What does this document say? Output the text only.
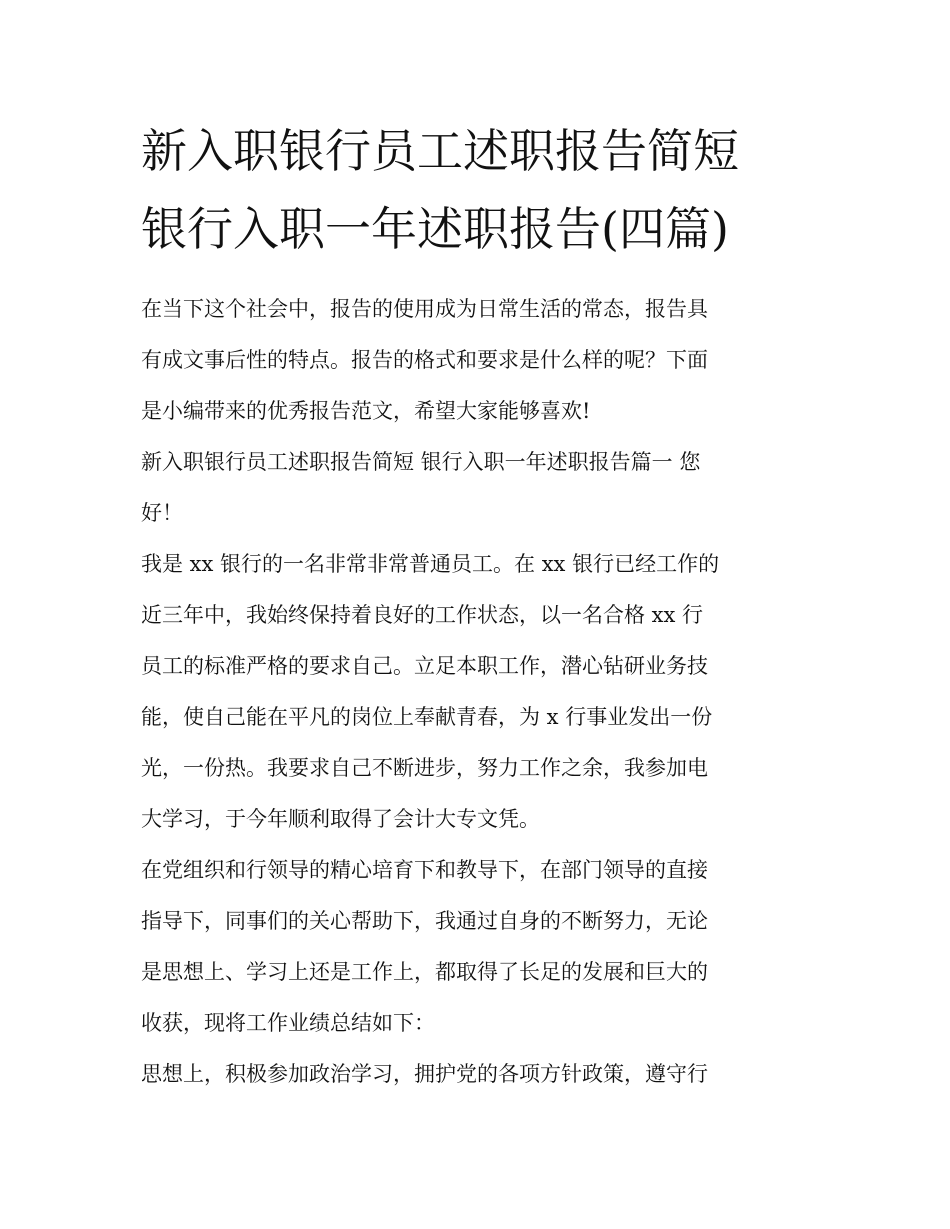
新入职银行员工述职报告简短
银行入职一年述职报告(四篇)

在当下这个社会中，报告的使用成为日常生活的常态，报告具
有成文事后性的特点。报告的格式和要求是什么样的呢？下面
是小编带来的优秀报告范文，希望大家能够喜欢!

新入职银行员工述职报告简短 银行入职一年述职报告篇一 您
好！

我是 xx 银行的一名非常非常普通员工。在 xx 银行已经工作的
近三年中，我始终保持着良好的工作状态，以一名合格 xx 行
员工的标准严格的要求自己。立足本职工作，潜心钻研业务技
能，使自己能在平凡的岗位上奉献青春，为 x 行事业发出一份
光，一份热。我要求自己不断进步，努力工作之余，我参加电
大学习，于今年顺利取得了会计大专文凭。

在党组织和行领导的精心培育下和教导下，在部门领导的直接
指导下，同事们的关心帮助下，我通过自身的不断努力，无论
是思想上、学习上还是工作上，都取得了长足的发展和巨大的
收获，现将工作业绩总结如下：

思想上，积极参加政治学习，拥护党的各项方针政策，遵守行
